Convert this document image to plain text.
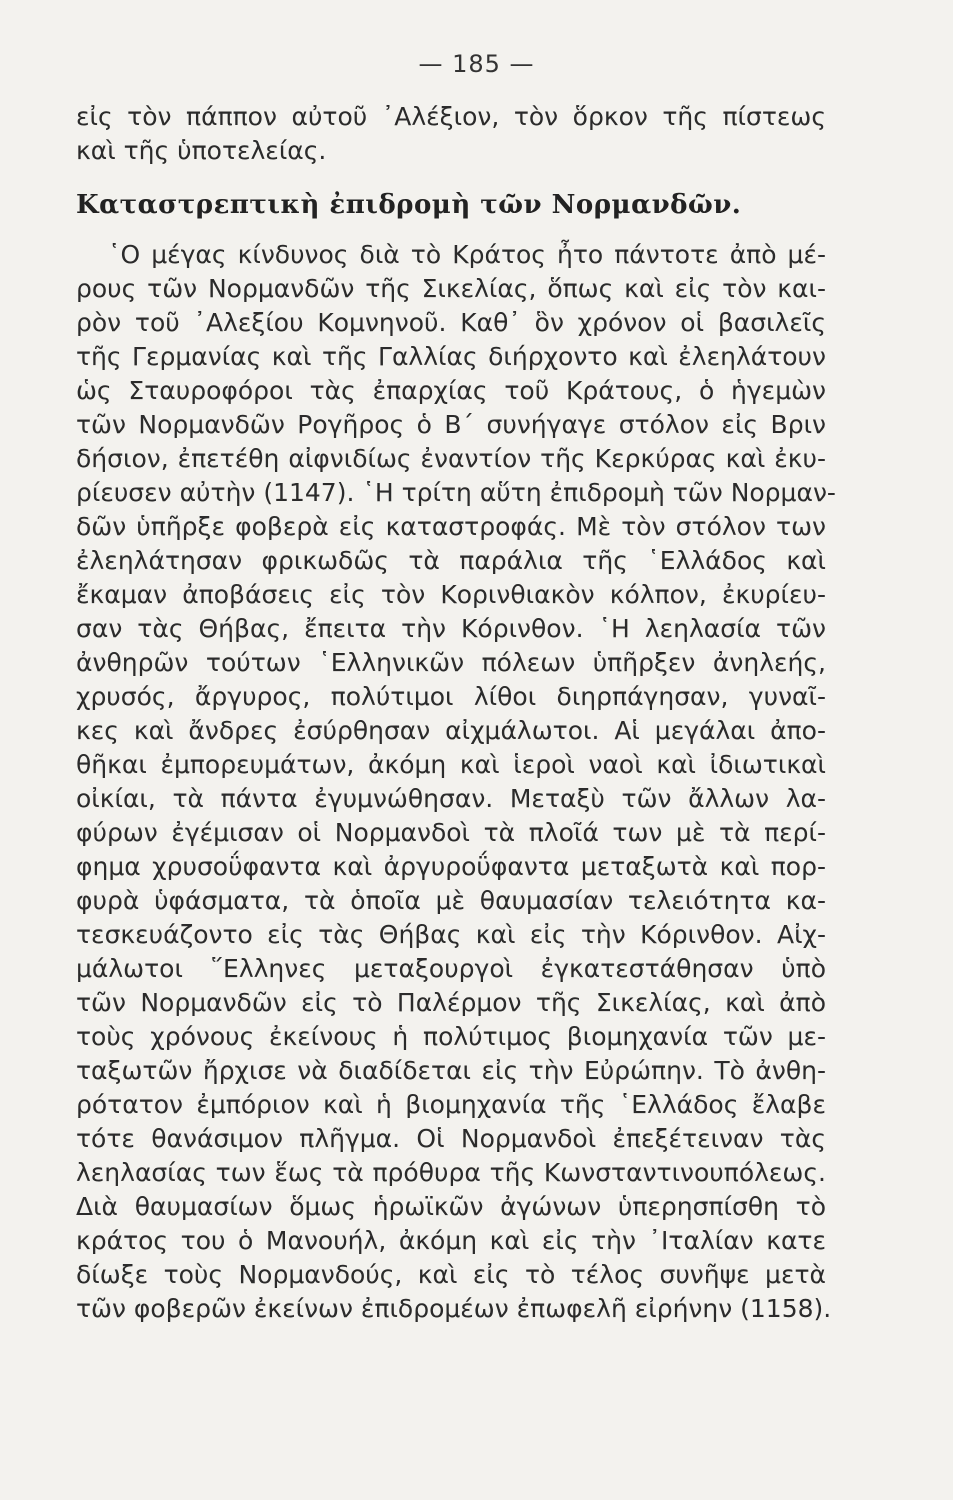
— 185 —
εἰς τὸν πάππον αὐτοῦ ᾿Αλέξιον, τὸν ὅρκον τῆς πίστεως
καὶ τῆς ὑποτελείας.
Καταστρεπτικὴ ἐπιδρομὴ τῶν Νορμανδῶν.
῾Ο μέγας κίνδυνος διὰ τὸ Κράτος ἦτο πάντοτε ἀπὸ μέ-
ρους τῶν Νορμανδῶν τῆς Σικελίας, ὅπως καὶ εἰς τὸν και-
ρὸν τοῦ ᾿Αλεξίου Κομνηνοῦ. Καθ᾿ ὃν χρόνον οἱ βασιλεῖς
τῆς Γερμανίας καὶ τῆς Γαλλίας διήρχοντο καὶ ἐλεηλάτουν
ὡς Σταυροφόροι τὰς ἐπαρχίας τοῦ Κράτους, ὁ ἡγεμὼν
τῶν Νορμανδῶν Ρογῆρος ὁ Β΄ συνήγαγε στόλον εἰς Βριν
δήσιον, ἐπετέθη αἰφνιδίως ἐναντίον τῆς Κερκύρας καὶ ἐκυ-
ρίευσεν αὐτὴν (1147). ῾Η τρίτη αὕτη ἐπιδρομὴ τῶν Νορμαν-
δῶν ὑπῆρξε φοβερὰ εἰς καταστροφάς. Μὲ τὸν στόλον των
ἐλεηλάτησαν φρικωδῶς τὰ παράλια τῆς ῾Ελλάδος καὶ
ἔκαμαν ἀποβάσεις εἰς τὸν Κορινθιακὸν κόλπον, ἐκυρίευ-
σαν τὰς Θήβας, ἔπειτα τὴν Κόρινθον. ῾Η λεηλασία τῶν
ἀνθηρῶν τούτων ῾Ελληνικῶν πόλεων ὑπῆρξεν ἀνηλεής,
χρυσός, ἄργυρος, πολύτιμοι λίθοι διηρπάγησαν, γυναῖ-
κες καὶ ἄνδρες ἐσύρθησαν αἰχμάλωτοι. Αἱ μεγάλαι ἀπο-
θῆκαι ἐμπορευμάτων, ἀκόμη καὶ ἱεροὶ ναοὶ καὶ ἰδιωτικαὶ
οἰκίαι, τὰ πάντα ἐγυμνώθησαν. Μεταξὺ τῶν ἄλλων λα-
φύρων ἐγέμισαν οἱ Νορμανδοὶ τὰ πλοῖά των μὲ τὰ περί-
φημα χρυσοΰφαντα καὶ ἀργυροΰφαντα μεταξωτὰ καὶ πορ-
φυρὰ ὑφάσματα, τὰ ὁποῖα μὲ θαυμασίαν τελειότητα κα-
τεσκευάζοντο εἰς τὰς Θήβας καὶ εἰς τὴν Κόρινθον. Αἰχ-
μάλωτοι ῞Ελληνες μεταξουργοὶ ἐγκατεστάθησαν ὑπὸ
τῶν Νορμανδῶν εἰς τὸ Παλέρμον τῆς Σικελίας, καὶ ἀπὸ
τοὺς χρόνους ἐκείνους ἡ πολύτιμος βιομηχανία τῶν με-
ταξωτῶν ἤρχισε νὰ διαδίδεται εἰς τὴν Εὐρώπην. Τὸ ἀνθη-
ρότατον ἐμπόριον καὶ ἡ βιομηχανία τῆς ῾Ελλάδος ἔλαβε
τότε θανάσιμον πλῆγμα. Οἱ Νορμανδοὶ ἐπεξέτειναν τὰς
λεηλασίας των ἕως τὰ πρόθυρα τῆς Κωνσταντινουπόλεως.
Διὰ θαυμασίων ὅμως ἡρωϊκῶν ἀγώνων ὑπερησπίσθη τὸ
κράτος του ὁ Μανουήλ, ἀκόμη καὶ εἰς τὴν ᾿Ιταλίαν κατε
δίωξε τοὺς Νορμανδούς, καὶ εἰς τὸ τέλος συνῆψε μετὰ
τῶν φοβερῶν ἐκείνων ἐπιδρομέων ἐπωφελῆ εἰρήνην (1158).
